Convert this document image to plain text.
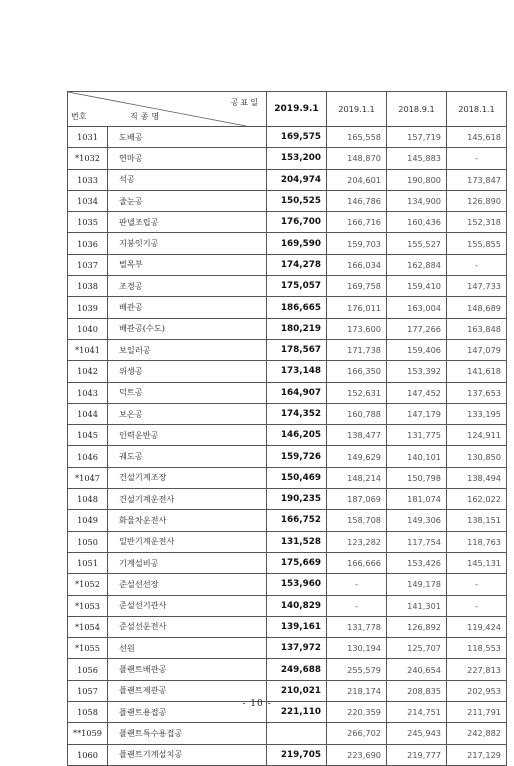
공표일
번호 직종명		2019.9.1	2019.1.1	2018.9.1	2018.1.1
1031	도배공	169,575	165,558	157,719	145,618
*1032	연마공	153,200	148,870	145,883	-
1033	석공	204,974	204,601	190,800	173,847
1034	줄눈공	150,525	146,786	134,900	126,890
1035	판넬조립공	176,700	166,716	160,436	152,318
1036	지붕잇기공	169,590	159,703	155,527	155,855
1037	벌목부	174,278	166,034	162,884	-
1038	조경공	175,057	169,758	159,410	147,733
1039	배관공	186,665	176,011	163,004	148,689
1040	배관공(수도)	180,219	173,600	177,266	163,848
*1041	보일러공	178,567	171,738	159,406	147,079
1042	위생공	173,148	166,350	153,392	141,618
1043	덕트공	164,907	152,631	147,452	137,653
1044	보온공	174,352	160,788	147,179	133,195
1045	인력운반공	146,205	138,477	131,775	124,911
1046	궤도공	159,726	149,629	140,101	130,850
*1047	건설기계조장	150,469	148,214	150,798	138,494
1048	건설기계운전사	190,235	187,069	181,074	162,022
1049	화물차운전사	166,752	158,708	149,306	138,151
1050	일반기계운전사	131,528	123,282	117,754	118,763
1051	기계설비공	175,669	166,666	153,426	145,131
*1052	준설선선장	153,960	-	149,178	-
*1053	준설선기관사	140,829	-	141,301	-
*1054	준설선운전사	139,161	131,778	126,892	119,424
*1055	선원	137,972	130,194	125,707	118,553
1056	플랜트배관공	249,688	255,579	240,654	227,813
1057	플랜트제관공	210,021	218,174	208,835	202,953
1058	플랜트용접공	221,110	220,359	214,751	211,791
**1059	플랜트특수용접공		266,702	245,943	242,882
1060	플랜트기계설치공	219,705	223,690	219,777	217,129
- 10 -
